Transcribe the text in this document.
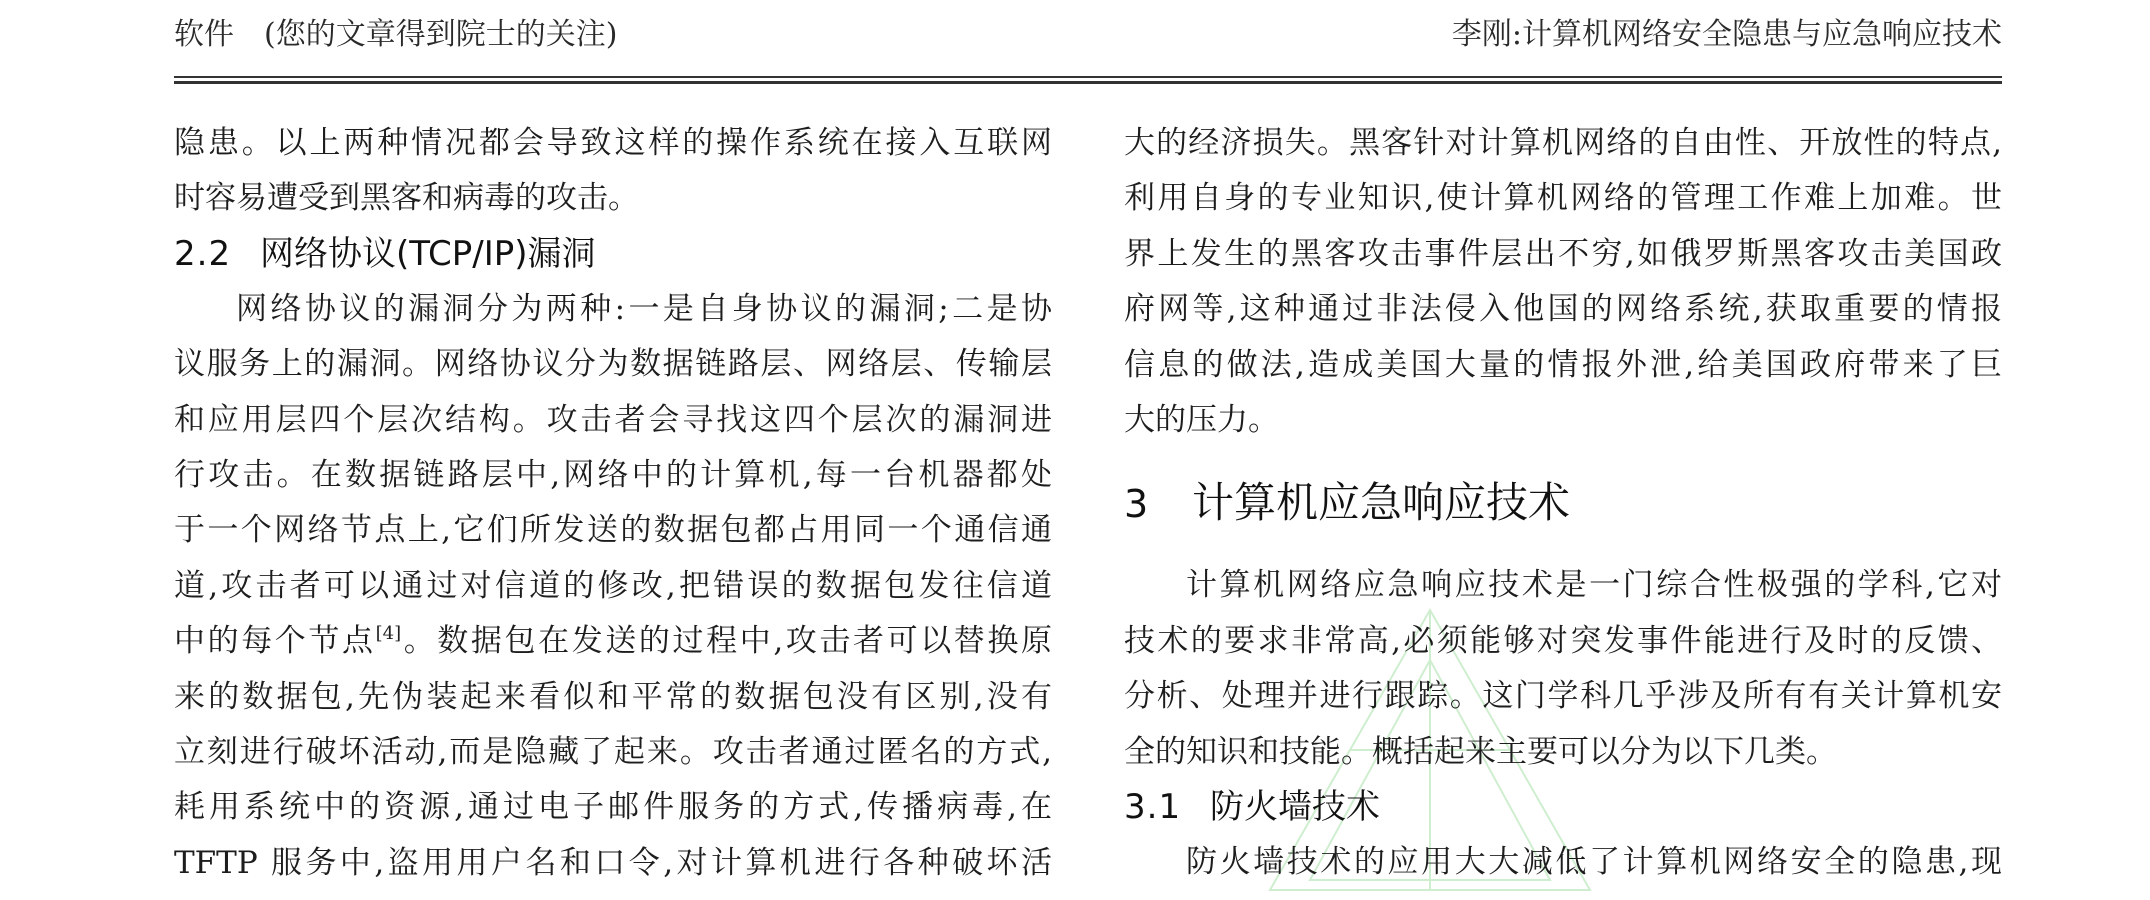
软件　(您的文章得到院士的关注)	李刚:计算机网络安全隐患与应急响应技术
隐患。以上两种情况都会导致这样的操作系统在接入互联网
时容易遭受到黑客和病毒的攻击。
2.2 网络协议(TCP/IP)漏洞
网络协议的漏洞分为两种:一是自身协议的漏洞;二是协
议服务上的漏洞。网络协议分为数据链路层、网络层、传输层
和应用层四个层次结构。攻击者会寻找这四个层次的漏洞进
行攻击。在数据链路层中,网络中的计算机,每一台机器都处
于一个网络节点上,它们所发送的数据包都占用同一个通信通
道,攻击者可以通过对信道的修改,把错误的数据包发往信道
中的每个节点[4]。数据包在发送的过程中,攻击者可以替换原
来的数据包,先伪装起来看似和平常的数据包没有区别,没有
立刻进行破坏活动,而是隐藏了起来。攻击者通过匿名的方式,
耗用系统中的资源,通过电子邮件服务的方式,传播病毒,在
TFTP 服务中,盗用用户名和口令,对计算机进行各种破坏活
大的经济损失。黑客针对计算机网络的自由性、开放性的特点,
利用自身的专业知识,使计算机网络的管理工作难上加难。世
界上发生的黑客攻击事件层出不穷,如俄罗斯黑客攻击美国政
府网等,这种通过非法侵入他国的网络系统,获取重要的情报
信息的做法,造成美国大量的情报外泄,给美国政府带来了巨
大的压力。
3 计算机应急响应技术
计算机网络应急响应技术是一门综合性极强的学科,它对
技术的要求非常高,必须能够对突发事件能进行及时的反馈、
分析、处理并进行跟踪。这门学科几乎涉及所有有关计算机安
全的知识和技能。概括起来主要可以分为以下几类。
3.1 防火墙技术
防火墙技术的应用大大减低了计算机网络安全的隐患,现
